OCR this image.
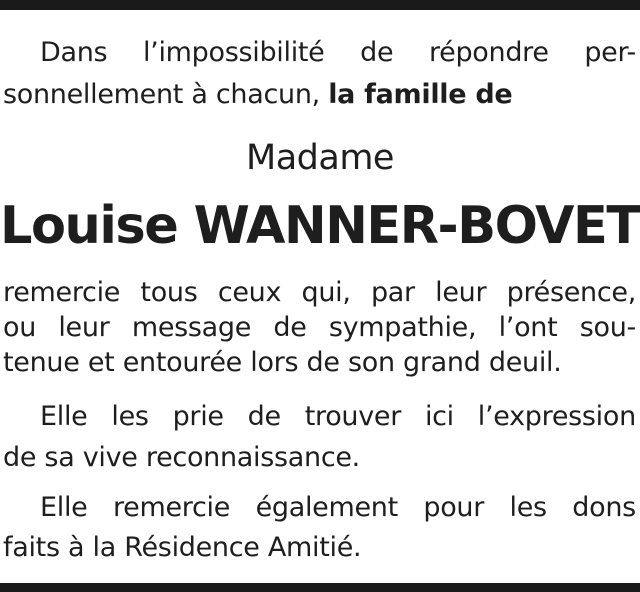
Dans l’impossibilité de répondre per-
sonnellement à chacun, la famille de
Madame
Louise WANNER-BOVET
remercie tous ceux qui, par leur présence,
ou leur message de sympathie, l’ont sou-
tenue et entourée lors de son grand deuil.
Elle les prie de trouver ici l’expression
de sa vive reconnaissance.
Elle remercie également pour les dons
faits à la Résidence Amitié.
